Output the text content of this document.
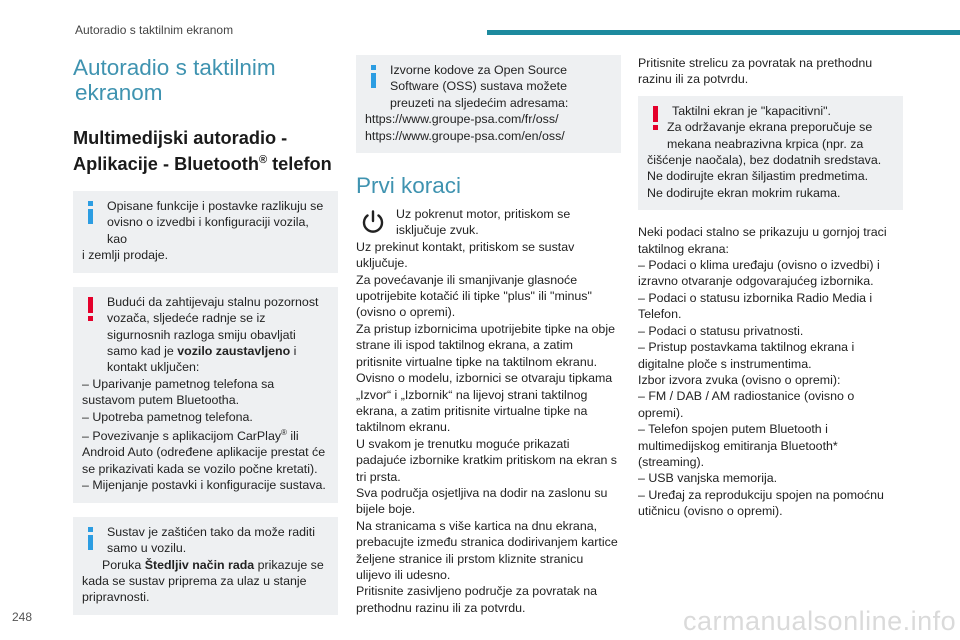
Autoradio s taktilnim ekranom
Autoradio s taktilnim

ekranom
Multimedijski autoradio - Aplikacije - Bluetooth® telefon
Opisane funkcije i postavke razlikuju se ovisno o izvedbi i konfiguraciji vozila, kao

i zemlji prodaje.

Budući da zahtijevaju stalnu pozornost vozača, sljedeće radnje se iz sigurnosnih razloga smiju obavljati samo kad je vozilo zaustavljeno i kontakt uključen:

– Uparivanje pametnog telefona sa sustavom putem Bluetootha.

– Upotreba pametnog telefona.

– Povezivanje s aplikacijom CarPlay® ili Android Auto (određene aplikacije prestat će se prikazivati kada se vozilo počne kretati).

– Mijenjanje postavki i konfiguracije sustava.

Sustav je zaštićen tako da može raditi samo u vozilu.

Poruka Štedljiv način rada prikazuje se kada se sustav priprema za ulaz u stanje pripravnosti.

Izvorne kodove za Open Source Software (OSS) sustava možete preuzeti na sljedećim adresama:

https://www.groupe-psa.com/fr/oss/

https://www.groupe-psa.com/en/oss/

Prvi koraci

Uz pokrenut motor, pritiskom se isključuje zvuk.

Uz prekinut kontakt, pritiskom se sustav uključuje.

Za povećavanje ili smanjivanje glasnoće upotrijebite kotačić ili tipke "plus" ili "minus" (ovisno o opremi).

Za pristup izbornicima upotrijebite tipke na obje strane ili ispod taktilnog ekrana, a zatim pritisnite virtualne tipke na taktilnom ekranu.

Ovisno o modelu, izbornici se otvaraju tipkama „Izvor“ i „Izbornik“ na lijevoj strani taktilnog ekrana, a zatim pritisnite virtualne tipke na taktilnom ekranu.

U svakom je trenutku moguće prikazati padajuće izbornike kratkim pritiskom na ekran s tri prsta.

Sva područja osjetljiva na dodir na zaslonu su bijele boje.

Na stranicama s više kartica na dnu ekrana, prebacujte između stranica dodirivanjem kartice željene stranice ili prstom kliznite stranicu ulijevo ili udesno.

Pritisnite zasivljeno područje za povratak na prethodnu razinu ili za potvrdu.

Pritisnite strelicu za povratak na prethodnu razinu ili za potvrdu.

Taktilni ekran je "kapacitivni".

Za održavanje ekrana preporučuje se mekana neabrazivna krpica (npr. za čišćenje naočala), bez dodatnih sredstava.

Ne dodirujte ekran šiljastim predmetima.

Ne dodirujte ekran mokrim rukama.

Neki podaci stalno se prikazuju u gornjoj traci taktilnog ekrana:

– Podaci o klima uređaju (ovisno o izvedbi) i izravno otvaranje odgovarajućeg izbornika.

– Podaci o statusu izbornika Radio Media i Telefon.

– Podaci o statusu privatnosti.

– Pristup postavkama taktilnog ekrana i digitalne ploče s instrumentima.

Izbor izvora zvuka (ovisno o opremi):

– FM / DAB / AM radiostanice (ovisno o opremi).

– Telefon spojen putem Bluetooth i multimedijskog emitiranja Bluetooth* (streaming).

– USB vanjska memorija.

– Uređaj za reprodukciju spojen na pomoćnu utičnicu (ovisno o opremi).

248	carmanualsonline.info
